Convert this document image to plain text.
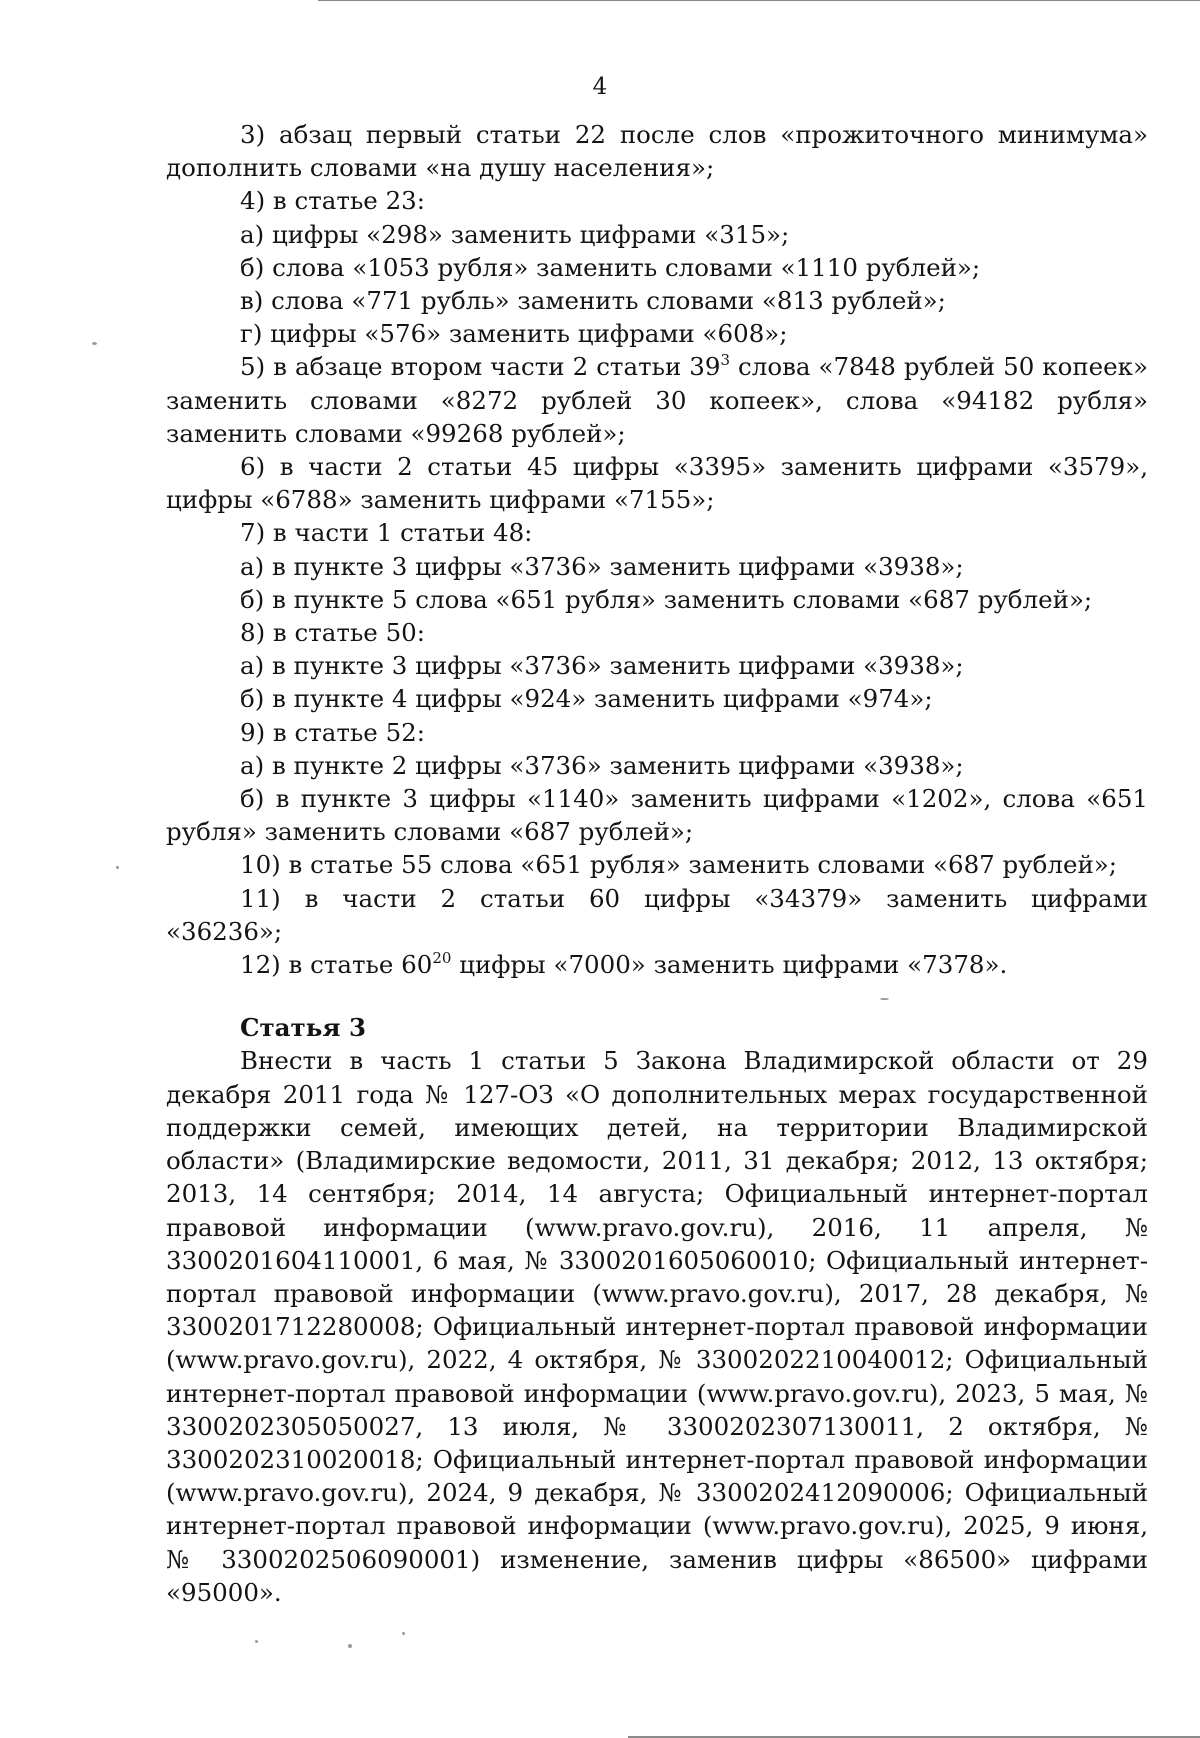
4

3) абзац первый статьи 22 после слов «прожиточного минимума» дополнить словами «на душу населения»;

4) в статье 23:

а) цифры «298» заменить цифрами «315»;

б) слова «1053 рубля» заменить словами «1110 рублей»;

в) слова «771 рубль» заменить словами «813 рублей»;

г) цифры «576» заменить цифрами «608»;

5) в абзаце втором части 2 статьи $39^3$ слова «7848 рублей 50 копеек» заменить словами «8272 рублей 30 копеек», слова «94182 рубля» заменить словами «99268 рублей»;

6) в части 2 статьи 45 цифры «3395» заменить цифрами «3579», цифры «6788» заменить цифрами «7155»;

7) в части 1 статьи 48:

а) в пункте 3 цифры «3736» заменить цифрами «3938»;

б) в пункте 5 слова «651 рубля» заменить словами «687 рублей»;

8) в статье 50:

а) в пункте 3 цифры «3736» заменить цифрами «3938»;

б) в пункте 4 цифры «924» заменить цифрами «974»;

9) в статье 52:

а) в пункте 2 цифры «3736» заменить цифрами «3938»;

б) в пункте 3 цифры «1140» заменить цифрами «1202», слова «651 рубля» заменить словами «687 рублей»;

10) в статье 55 слова «651 рубля» заменить словами «687 рублей»;

11) в части 2 статьи 60 цифры «34379» заменить цифрами

«36236»;

12) в статье $60^{20}$ цифры «7000» заменить цифрами «7378».

Статья 3

Внести в часть 1 статьи 5 Закона Владимирской области от 29 декабря 2011 года № 127-ОЗ «О дополнительных мерах государственной поддержки семей, имеющих детей, на территории Владимирской области» (Владимирские ведомости, 2011, 31 декабря; 2012, 13 октября; 2013, 14 сентября; 2014, 14 августа; Официальный интернет-портал правовой информации (www.pravo.gov.ru), 2016, 11 апреля, № 3300201604110001, 6 мая, № 3300201605060010; Официальный интернет-портал правовой информации (www.pravo.gov.ru), 2017, 28 декабря, № 3300201712280008; Официальный интернет-портал правовой информации (www.pravo.gov.ru), 2022, 4 октября, № 3300202210040012; Официальный интернет-портал правовой информации (www.pravo.gov.ru), 2023, 5 мая, № 3300202305050027, 13 июля, № 3300202307130011, 2 октября, № 3300202310020018; Официальный интернет-портал правовой информации (www.pravo.gov.ru), 2024, 9 декабря, № 3300202412090006; Официальный интернет-портал правовой информации (www.pravo.gov.ru), 2025, 9 июня, № 3300202506090001) изменение, заменив цифры «86500» цифрами «95000».
